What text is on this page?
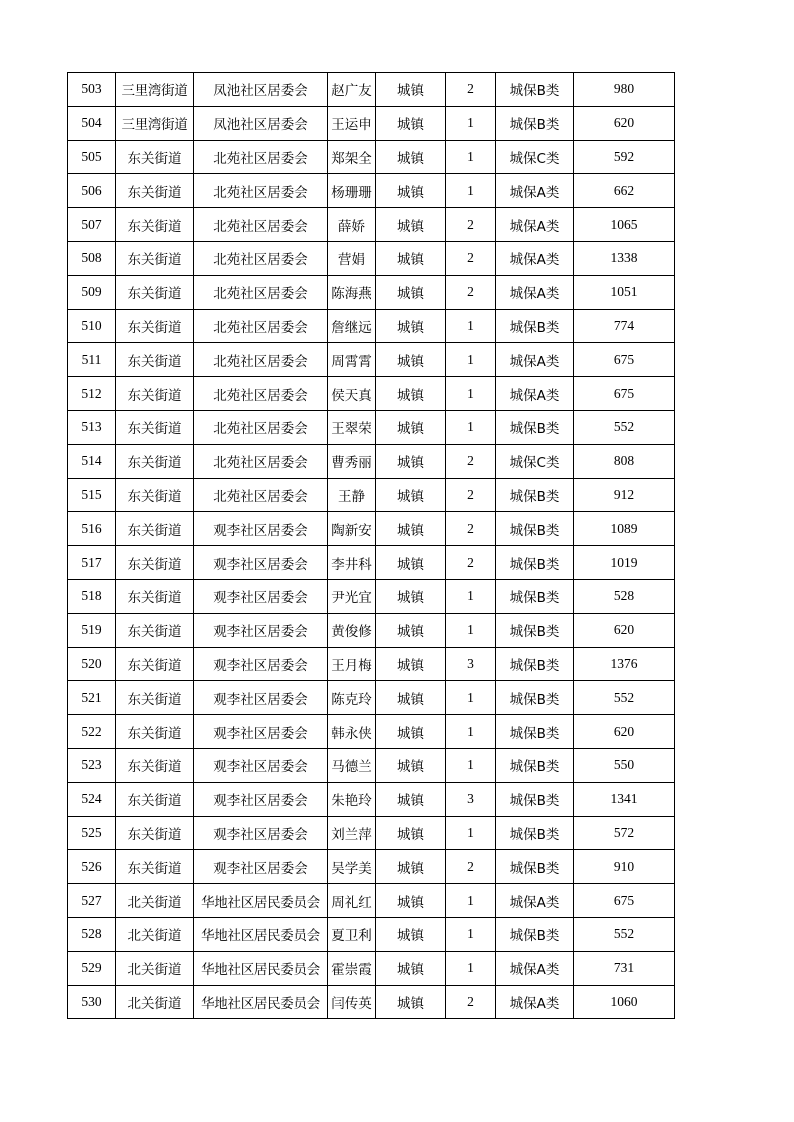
503	三里湾街道	凤池社区居委会	赵广友	城镇	2	城保B类	980
504	三里湾街道	凤池社区居委会	王运申	城镇	1	城保B类	620
505	东关街道	北苑社区居委会	郑架全	城镇	1	城保C类	592
506	东关街道	北苑社区居委会	杨珊珊	城镇	1	城保A类	662
507	东关街道	北苑社区居委会	薛娇	城镇	2	城保A类	1065
508	东关街道	北苑社区居委会	营娟	城镇	2	城保A类	1338
509	东关街道	北苑社区居委会	陈海燕	城镇	2	城保A类	1051
510	东关街道	北苑社区居委会	詹继远	城镇	1	城保B类	774
511	东关街道	北苑社区居委会	周霄霄	城镇	1	城保A类	675
512	东关街道	北苑社区居委会	侯天真	城镇	1	城保A类	675
513	东关街道	北苑社区居委会	王翠荣	城镇	1	城保B类	552
514	东关街道	北苑社区居委会	曹秀丽	城镇	2	城保C类	808
515	东关街道	北苑社区居委会	王静	城镇	2	城保B类	912
516	东关街道	观李社区居委会	陶新安	城镇	2	城保B类	1089
517	东关街道	观李社区居委会	李井科	城镇	2	城保B类	1019
518	东关街道	观李社区居委会	尹光宜	城镇	1	城保B类	528
519	东关街道	观李社区居委会	黄俊修	城镇	1	城保B类	620
520	东关街道	观李社区居委会	王月梅	城镇	3	城保B类	1376
521	东关街道	观李社区居委会	陈克玲	城镇	1	城保B类	552
522	东关街道	观李社区居委会	韩永侠	城镇	1	城保B类	620
523	东关街道	观李社区居委会	马德兰	城镇	1	城保B类	550
524	东关街道	观李社区居委会	朱艳玲	城镇	3	城保B类	1341
525	东关街道	观李社区居委会	刘兰萍	城镇	1	城保B类	572
526	东关街道	观李社区居委会	吴学美	城镇	2	城保B类	910
527	北关街道	华地社区居民委员会	周礼红	城镇	1	城保A类	675
528	北关街道	华地社区居民委员会	夏卫利	城镇	1	城保B类	552
529	北关街道	华地社区居民委员会	霍崇霞	城镇	1	城保A类	731
530	北关街道	华地社区居民委员会	闫传英	城镇	2	城保A类	1060
